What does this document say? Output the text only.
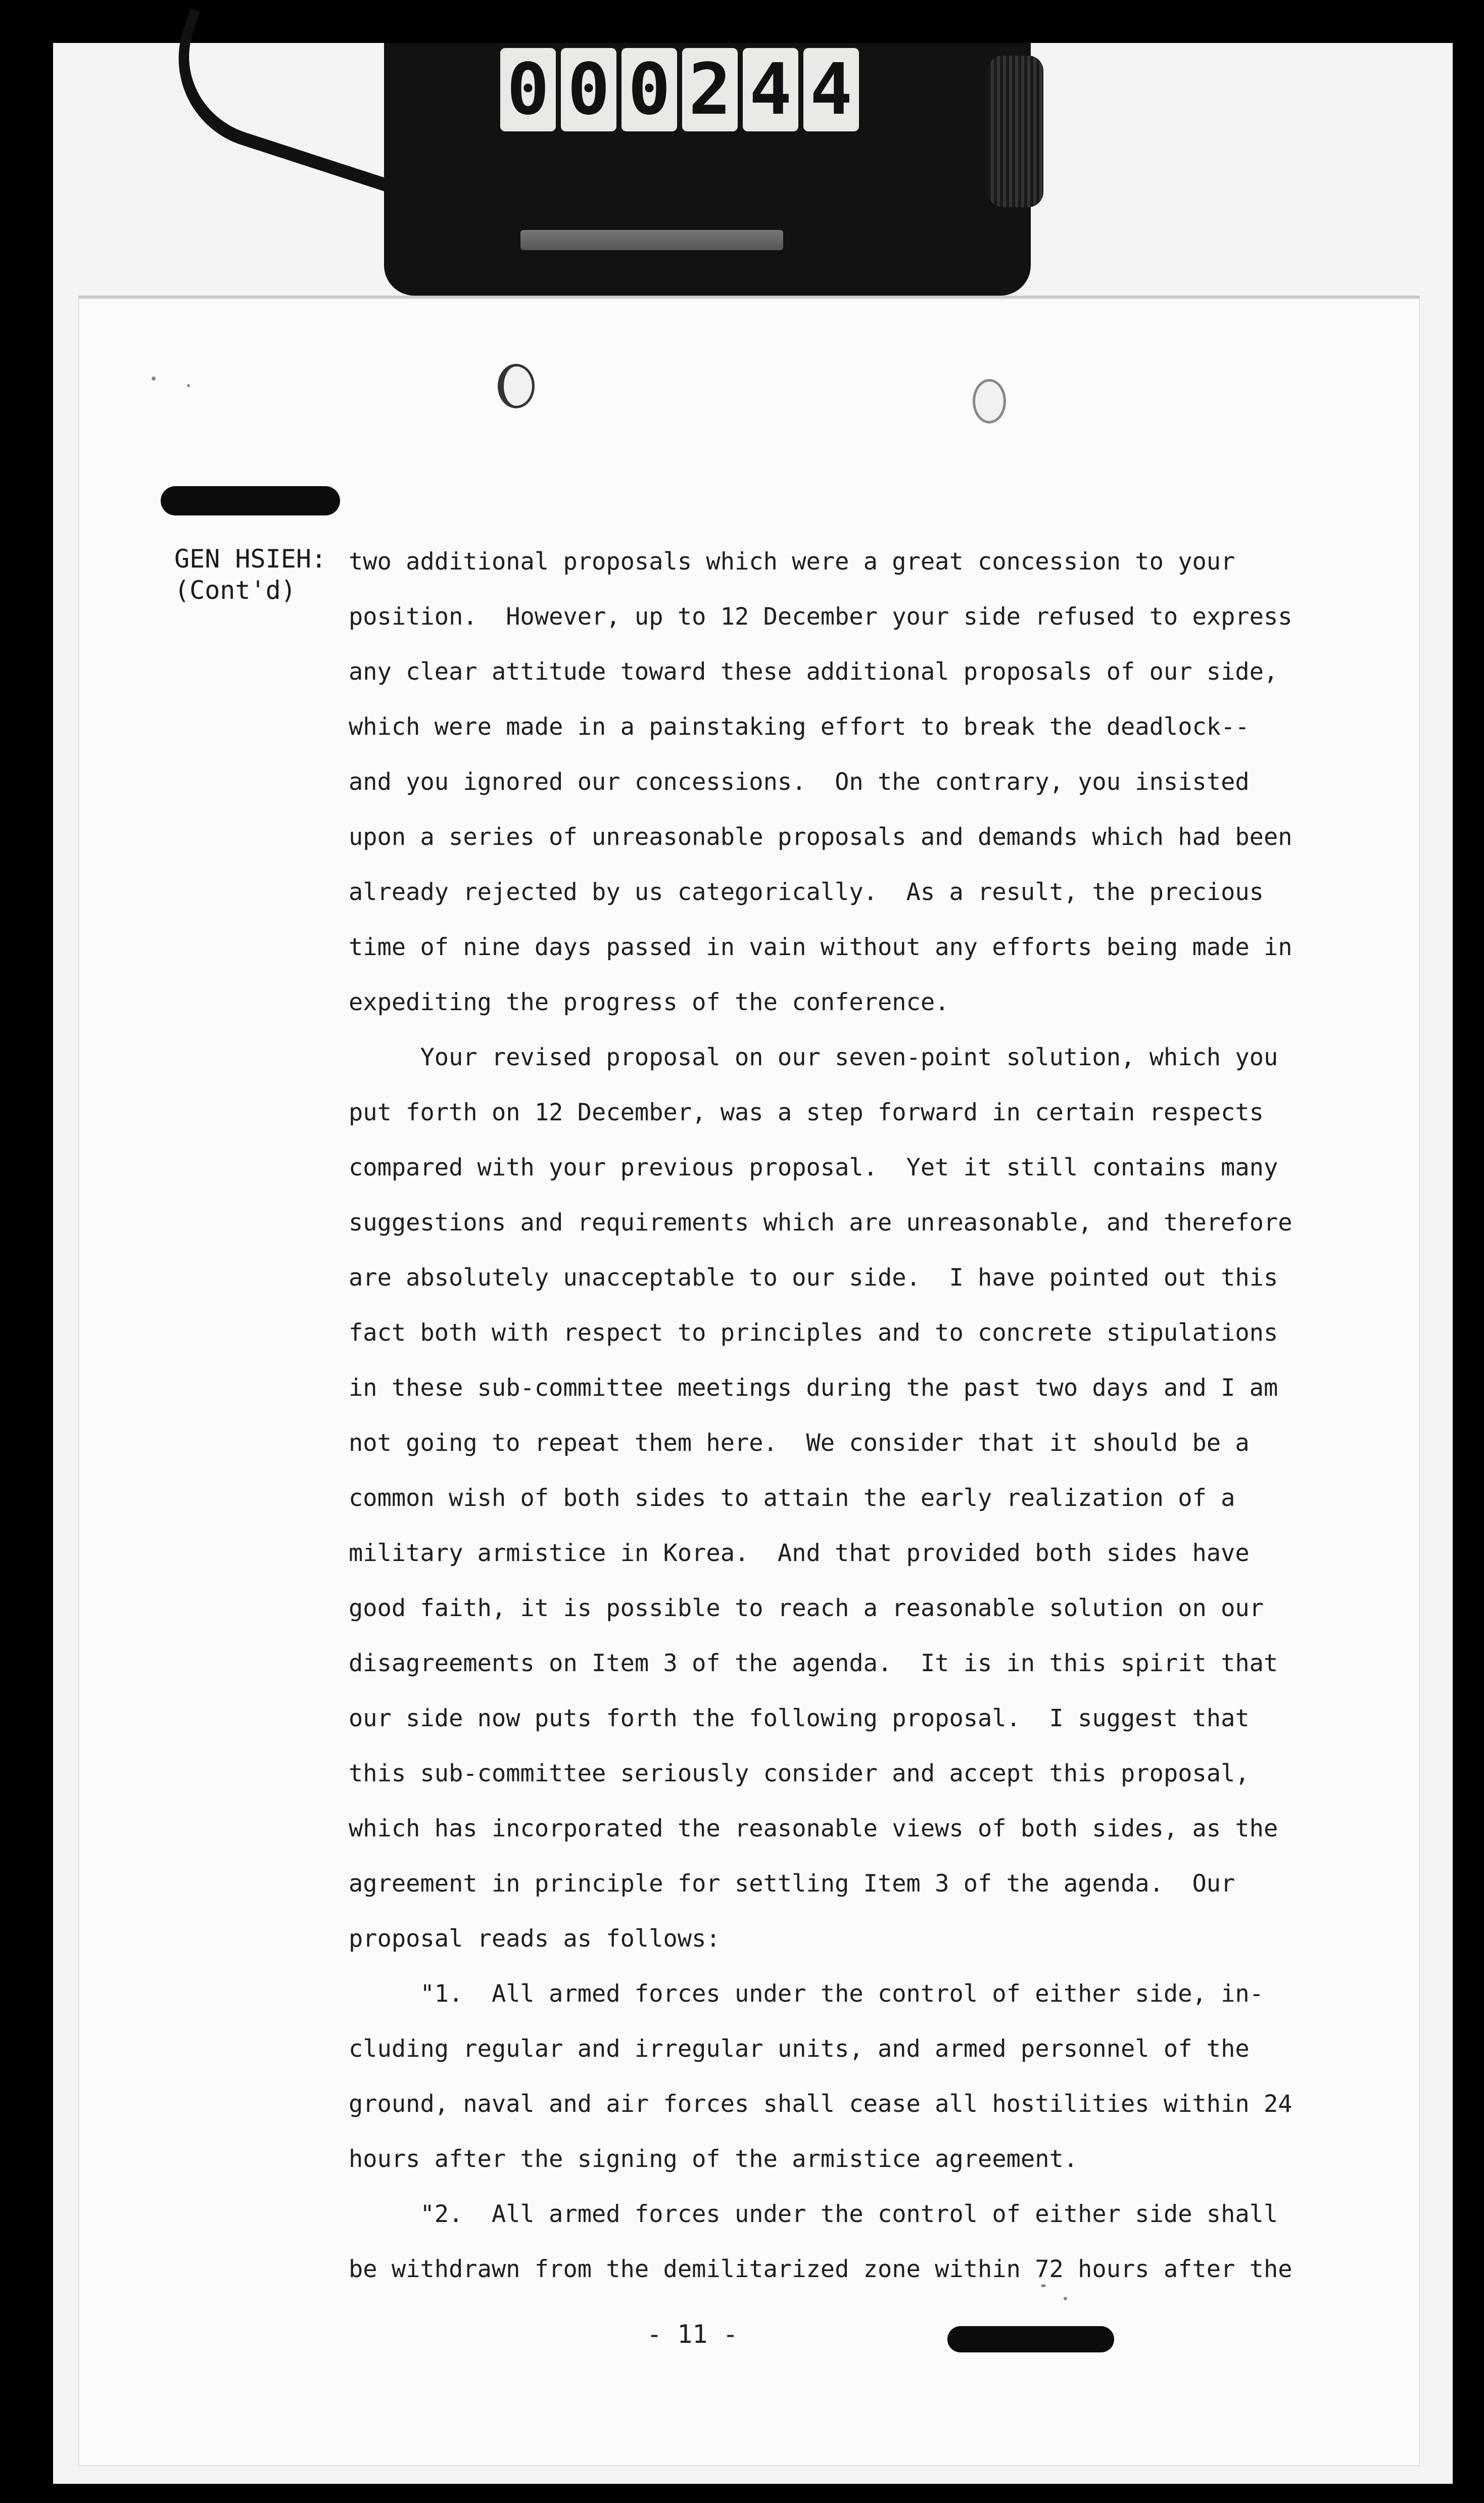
0 0 0 2 4 4
GEN HSIEH:
(Cont'd)
two additional proposals which were a great concession to your
position.  However, up to 12 December your side refused to express
any clear attitude toward these additional proposals of our side,
which were made in a painstaking effort to break the deadlock--
and you ignored our concessions.  On the contrary, you insisted
upon a series of unreasonable proposals and demands which had been
already rejected by us categorically.  As a result, the precious
time of nine days passed in vain without any efforts being made in
expediting the progress of the conference.
Your revised proposal on our seven-point solution, which you
put forth on 12 December, was a step forward in certain respects
compared with your previous proposal.  Yet it still contains many
suggestions and requirements which are unreasonable, and therefore
are absolutely unacceptable to our side.  I have pointed out this
fact both with respect to principles and to concrete stipulations
in these sub-committee meetings during the past two days and I am
not going to repeat them here.  We consider that it should be a
common wish of both sides to attain the early realization of a
military armistice in Korea.  And that provided both sides have
good faith, it is possible to reach a reasonable solution on our
disagreements on Item 3 of the agenda.  It is in this spirit that
our side now puts forth the following proposal.  I suggest that
this sub-committee seriously consider and accept this proposal,
which has incorporated the reasonable views of both sides, as the
agreement in principle for settling Item 3 of the agenda.  Our
proposal reads as follows:
"1.  All armed forces under the control of either side, in-
cluding regular and irregular units, and armed personnel of the
ground, naval and air forces shall cease all hostilities within 24
hours after the signing of the armistice agreement.
"2.  All armed forces under the control of either side shall
be withdrawn from the demilitarized zone within 72 hours after the
- 11 -
